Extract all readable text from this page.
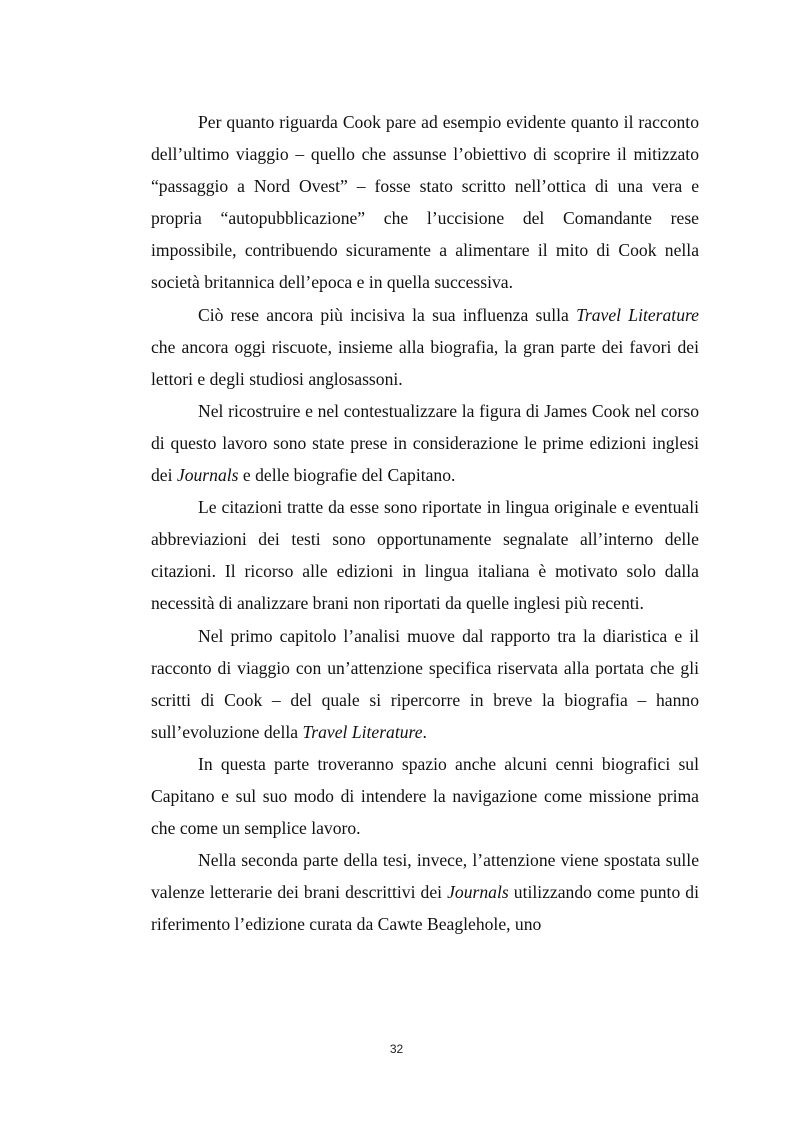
Per quanto riguarda Cook pare ad esempio evidente quanto il racconto dell’ultimo viaggio – quello che assunse l’obiettivo di scoprire il mitizzato “passaggio a Nord Ovest” – fosse stato scritto nell’ottica di una vera e propria “autopubblicazione” che l’uccisione del Comandante rese impossibile, contribuendo sicuramente a alimentare il mito di Cook nella società britannica dell’epoca e in quella successiva.

Ciò rese ancora più incisiva la sua influenza sulla Travel Literature che ancora oggi riscuote, insieme alla biografia, la gran parte dei favori dei lettori e degli studiosi anglosassoni.

Nel ricostruire e nel contestualizzare la figura di James Cook nel corso di questo lavoro sono state prese in considerazione le prime edizioni inglesi dei Journals e delle biografie del Capitano.

Le citazioni tratte da esse sono riportate in lingua originale e eventuali abbreviazioni dei testi sono opportunamente segnalate all’interno delle citazioni. Il ricorso alle edizioni in lingua italiana è motivato solo dalla necessità di analizzare brani non riportati da quelle inglesi più recenti.

Nel primo capitolo l’analisi muove dal rapporto tra la diaristica e il racconto di viaggio con un’attenzione specifica riservata alla portata che gli scritti di Cook – del quale si ripercorre in breve la biografia – hanno sull’evoluzione della Travel Literature.

In questa parte troveranno spazio anche alcuni cenni biografici sul Capitano e sul suo modo di intendere la navigazione come missione prima che come un semplice lavoro.

Nella seconda parte della tesi, invece, l’attenzione viene spostata sulle valenze letterarie dei brani descrittivi dei Journals utilizzando come punto di riferimento l’edizione curata da Cawte Beaglehole, uno

32
